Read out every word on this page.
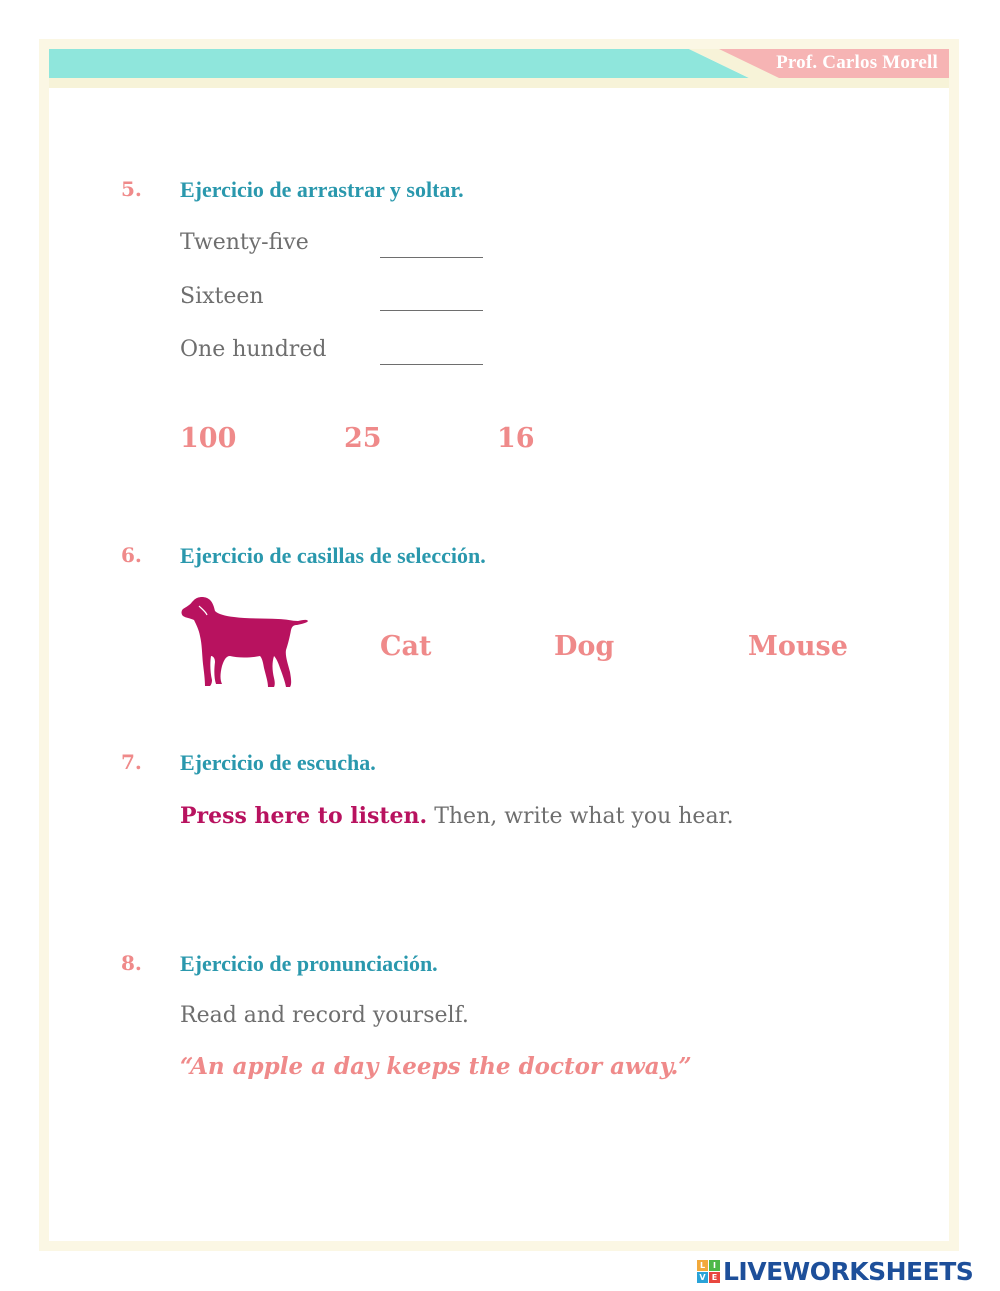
Prof. Carlos Morell
5. Ejercicio de arrastrar y soltar.
Twenty-five
Sixteen
One hundred
100	25	16
6. Ejercicio de casillas de selección.
Cat	Dog	Mouse
7. Ejercicio de escucha.
Press here to listen. Then, write what you hear.
8. Ejercicio de pronunciación.
Read and record yourself.
“An apple a day keeps the doctor away.”
L I
V E LIVEWORKSHEETS
